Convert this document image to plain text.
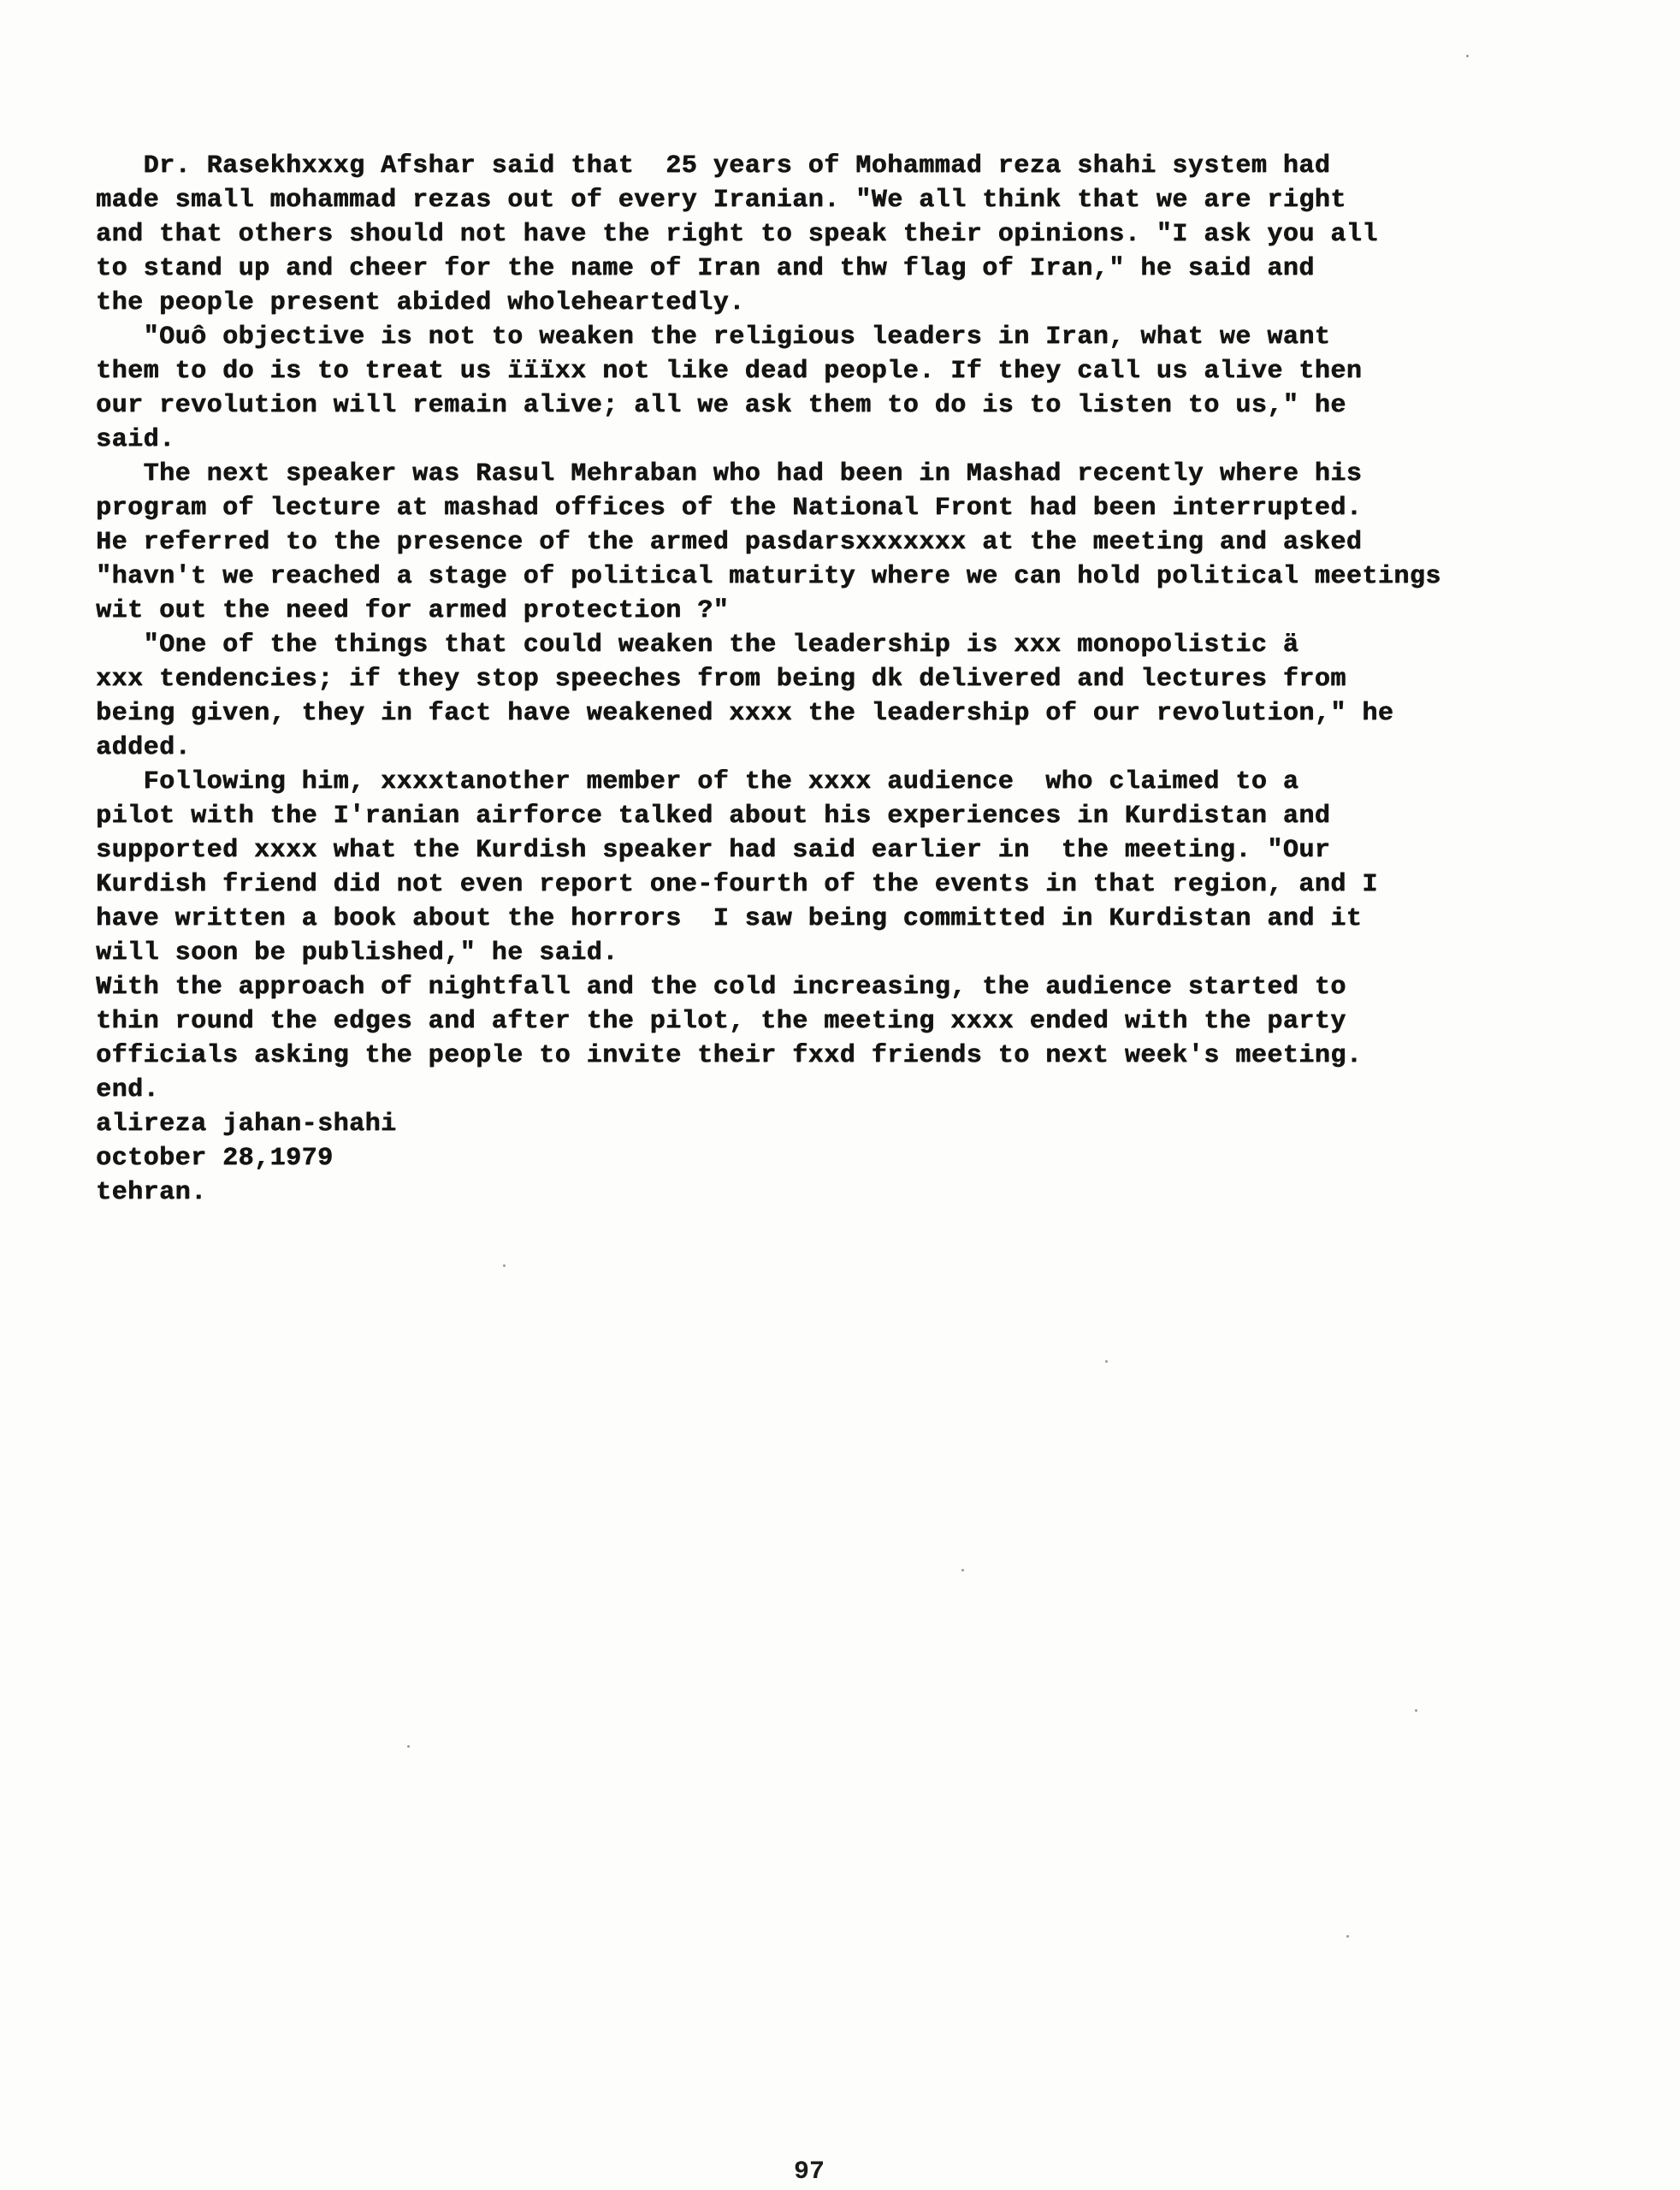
Dr. Rasekhxxxg Afshar said that  25 years of Mohammad reza shahi system had
made small mohammad rezas out of every Iranian. "We all think that we are right
and that others should not have the right to speak their opinions. "I ask you all
to stand up and cheer for the name of Iran and thw flag of Iran," he said and
the people present abided wholeheartedly.
"Ouô objective is not to weaken the religious leaders in Iran, what we want
them to do is to treat us ïïïxx not like dead people. If they call us alive then
our revolution will remain alive; all we ask them to do is to listen to us," he
said.
The next speaker was Rasul Mehraban who had been in Mashad recently where his
program of lecture at mashad offices of the National Front had been interrupted.
He referred to the presence of the armed pasdarsxxxxxxx at the meeting and asked
"havn't we reached a stage of political maturity where we can hold political meetings
wit out the need for armed protection ?"
"One of the things that could weaken the leadership is xxx monopolistic ä
xxx tendencies; if they stop speeches from being dk delivered and lectures from
being given, they in fact have weakened xxxx the leadership of our revolution," he
added.
Following him, xxxxtanother member of the xxxx audience  who claimed to a
pilot with the I'ranian airforce talked about his experiences in Kurdistan and
supported xxxx what the Kurdish speaker had said earlier in  the meeting. "Our
Kurdish friend did not even report one-fourth of the events in that region, and I
have written a book about the horrors  I saw being committed in Kurdistan and it
will soon be published," he said.
With the approach of nightfall and the cold increasing, the audience started to
thin round the edges and after the pilot, the meeting xxxx ended with the party
officials asking the people to invite their fxxd friends to next week's meeting.
end.
alireza jahan-shahi
october 28,1979
tehran.
97
